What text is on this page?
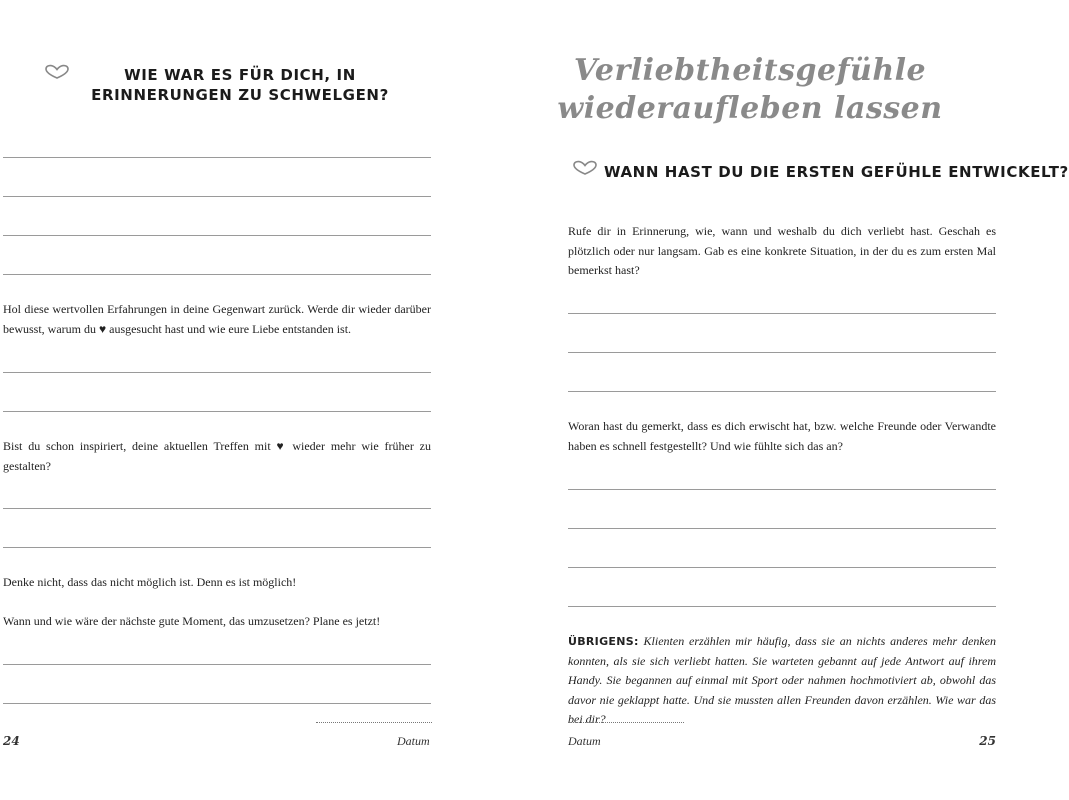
WIE WAR ES FÜR DICH, IN ERINNERUNGEN ZU SCHWELGEN?

Hol diese wertvollen Erfahrungen in deine Gegenwart zurück. Werde dir wieder darüber bewusst, warum du ♥ ausgesucht hast und wie eure Liebe entstanden ist.

Bist du schon inspiriert, deine aktuellen Treffen mit ♥ wieder mehr wie früher zu gestalten?

Denke nicht, dass das nicht möglich ist. Denn es ist möglich!

Wann und wie wäre der nächste gute Moment, das umzusetzen? Plane es jetzt!

24	Datum
Verliebtheitsgefühle
wiederaufleben lassen
WANN HAST DU DIE ERSTEN GEFÜHLE ENTWICKELT?

Rufe dir in Erinnerung, wie, wann und weshalb du dich verliebt hast. Geschah es plötzlich oder nur langsam. Gab es eine konkrete Situation, in der du es zum ersten Mal bemerkst hast?

Woran hast du gemerkt, dass es dich erwischt hat, bzw. welche Freunde oder Verwandte haben es schnell festgestellt? Und wie fühlte sich das an?

ÜBRIGENS: Klienten erzählen mir häufig, dass sie an nichts anderes mehr denken konnten, als sie sich verliebt hatten. Sie warteten gebannt auf jede Antwort auf ihrem Handy. Sie begannen auf einmal mit Sport oder nahmen hochmotiviert ab, obwohl das davor nie geklappt hatte. Und sie mussten allen Freunden davon erzählen. Wie war das bei dir?

Datum	25
